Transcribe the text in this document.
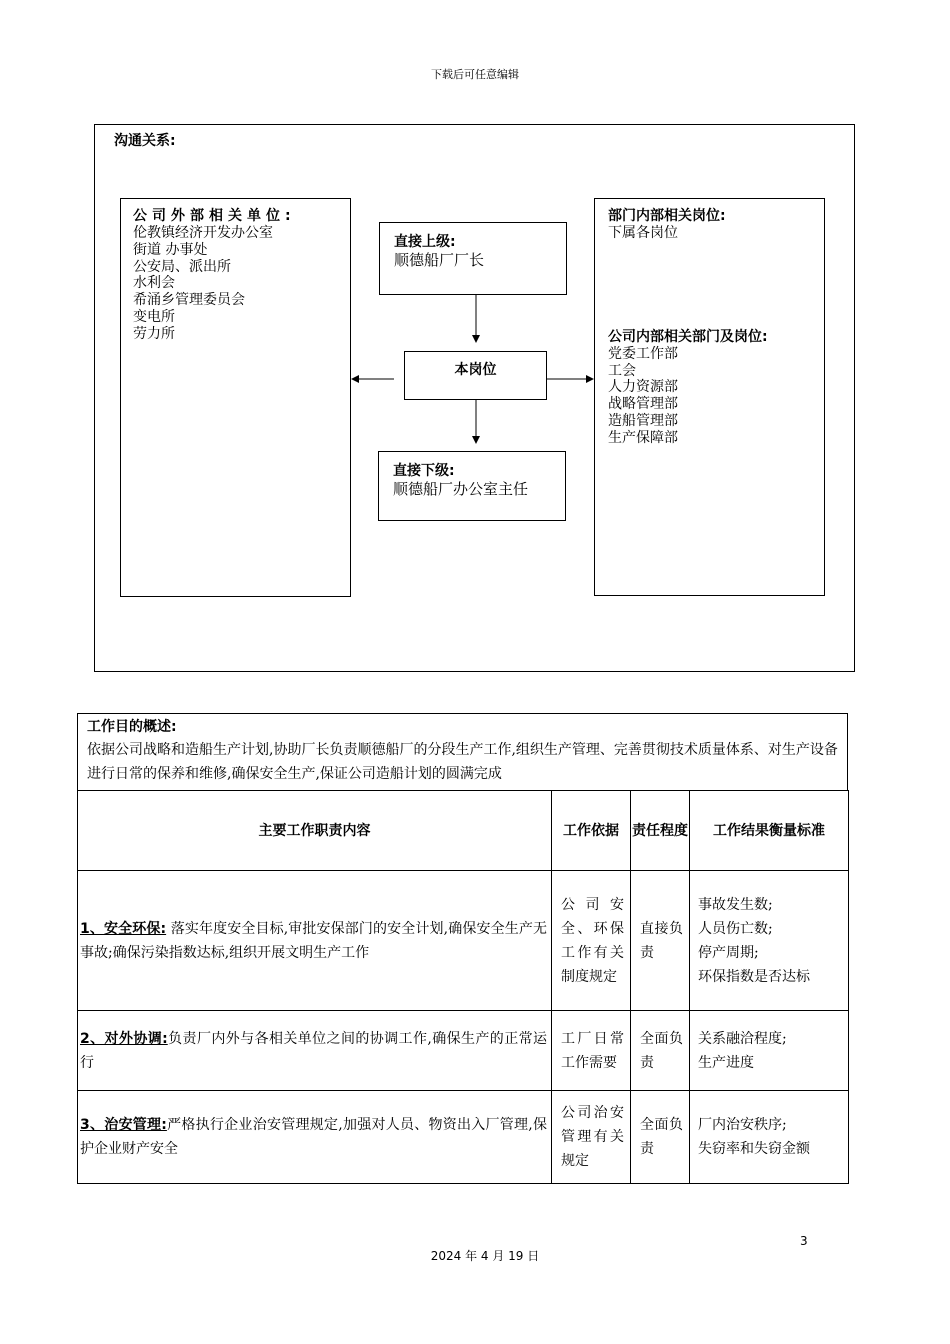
下载后可任意编辑
沟通关系:
公司外部相关单位:
伦教镇经济开发办公室
街道 办事处
公安局、派出所
水利会
希涌乡管理委员会
变电所
劳力所
直接上级:
顺德船厂厂长
本岗位
直接下级:
顺德船厂办公室主任
部门内部相关岗位:
下属各岗位
公司内部相关部门及岗位:
党委工作部
工会
人力资源部
战略管理部
造船管理部
生产保障部
工作目的概述:
依据公司战略和造船生产计划,协助厂长负责顺德船厂的分段生产工作,组织生产管理、完善贯彻技术质量体系、对生产设备进行日常的保养和维修,确保安全生产,保证公司造船计划的圆满完成
主要工作职责内容	工作依据	责任程度	工作结果衡量标准
1、安全环保: 落实年度安全目标,审批安保部门的安全计划,确保安全生产无事故;确保污染指数达标,组织开展文明生产工作	公司安全、环保工作有关制度规定	直接负责	事故发生数;
人员伤亡数;
停产周期;
环保指数是否达标

2、对外协调:负责厂内外与各相关单位之间的协调工作,确保生产的正常运行	工厂日常工作需要	全面负责	关系融洽程度;
生产进度

3、治安管理:严格执行企业治安管理规定,加强对人员、物资出入厂管理,保护企业财产安全	公司治安管理有关规定	全面负责	厂内治安秩序;
失窃率和失窃金额
3
2024 年 4 月 19 日
